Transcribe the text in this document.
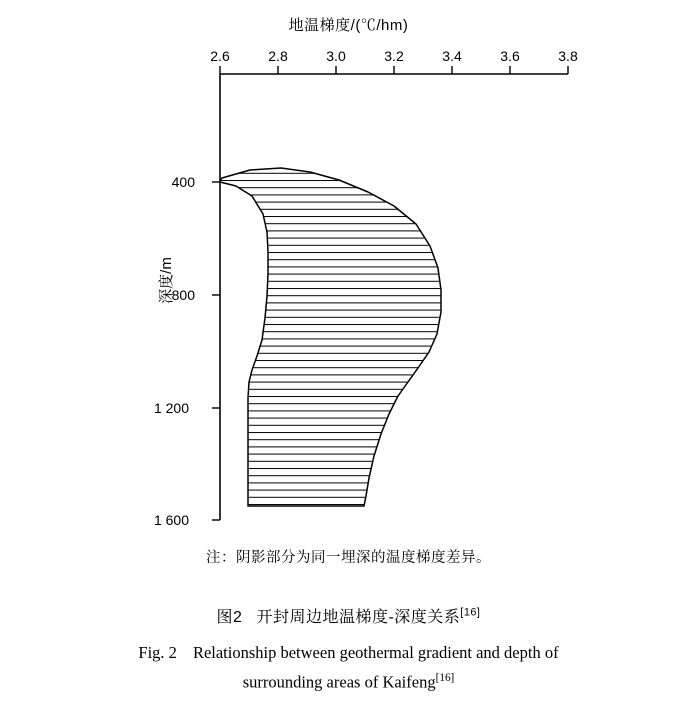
地温梯度/(℃/hm)
深度/m
2.6	2.8	3.0	3.2	3.4	3.6	3.8
400
800
1 200
1 600
注：阴影部分为同一埋深的温度梯度差异。
图2 开封周边地温梯度-深度关系[16]
Fig. 2 Relationship between geothermal gradient and depth of
surrounding areas of Kaifeng[16]
